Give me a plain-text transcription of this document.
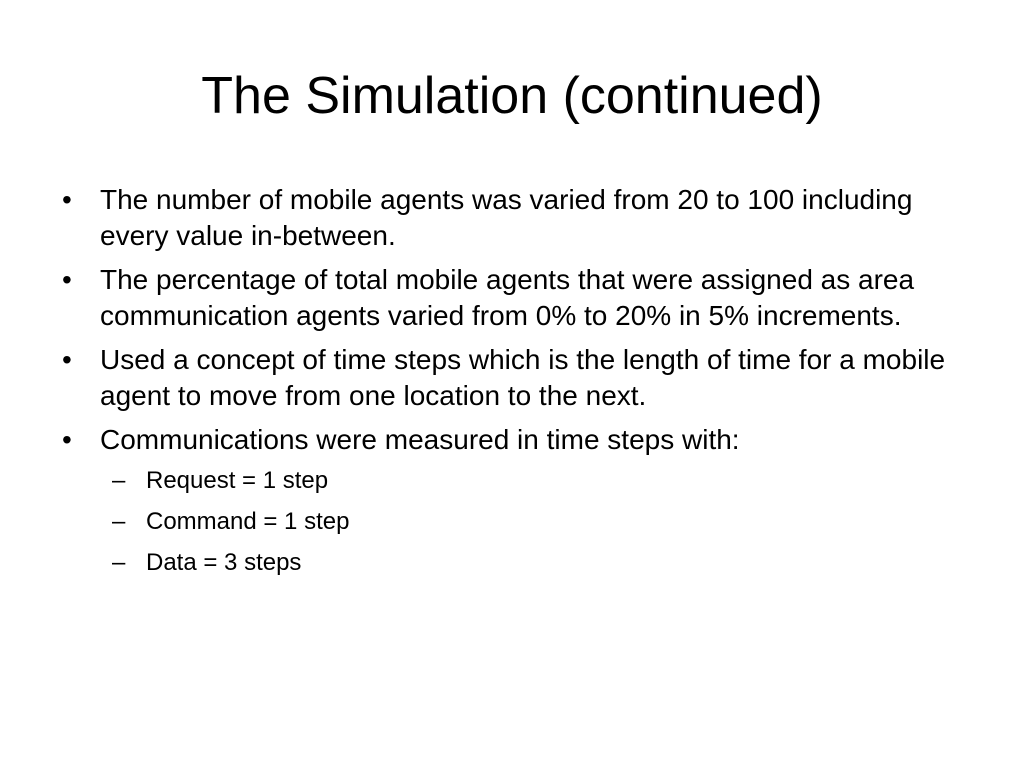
The Simulation (continued)
•	The number of mobile agents was varied from 20 to 100 including every value in-between.
•	The percentage of total mobile agents that were assigned as area communication agents varied from 0% to 20% in 5% increments.
•	Used a concept of time steps which is the length of time for a mobile agent to move from one location to the next.
•	Communications were measured in time steps with:
– Request = 1 step
– Command = 1 step
– Data = 3 steps
